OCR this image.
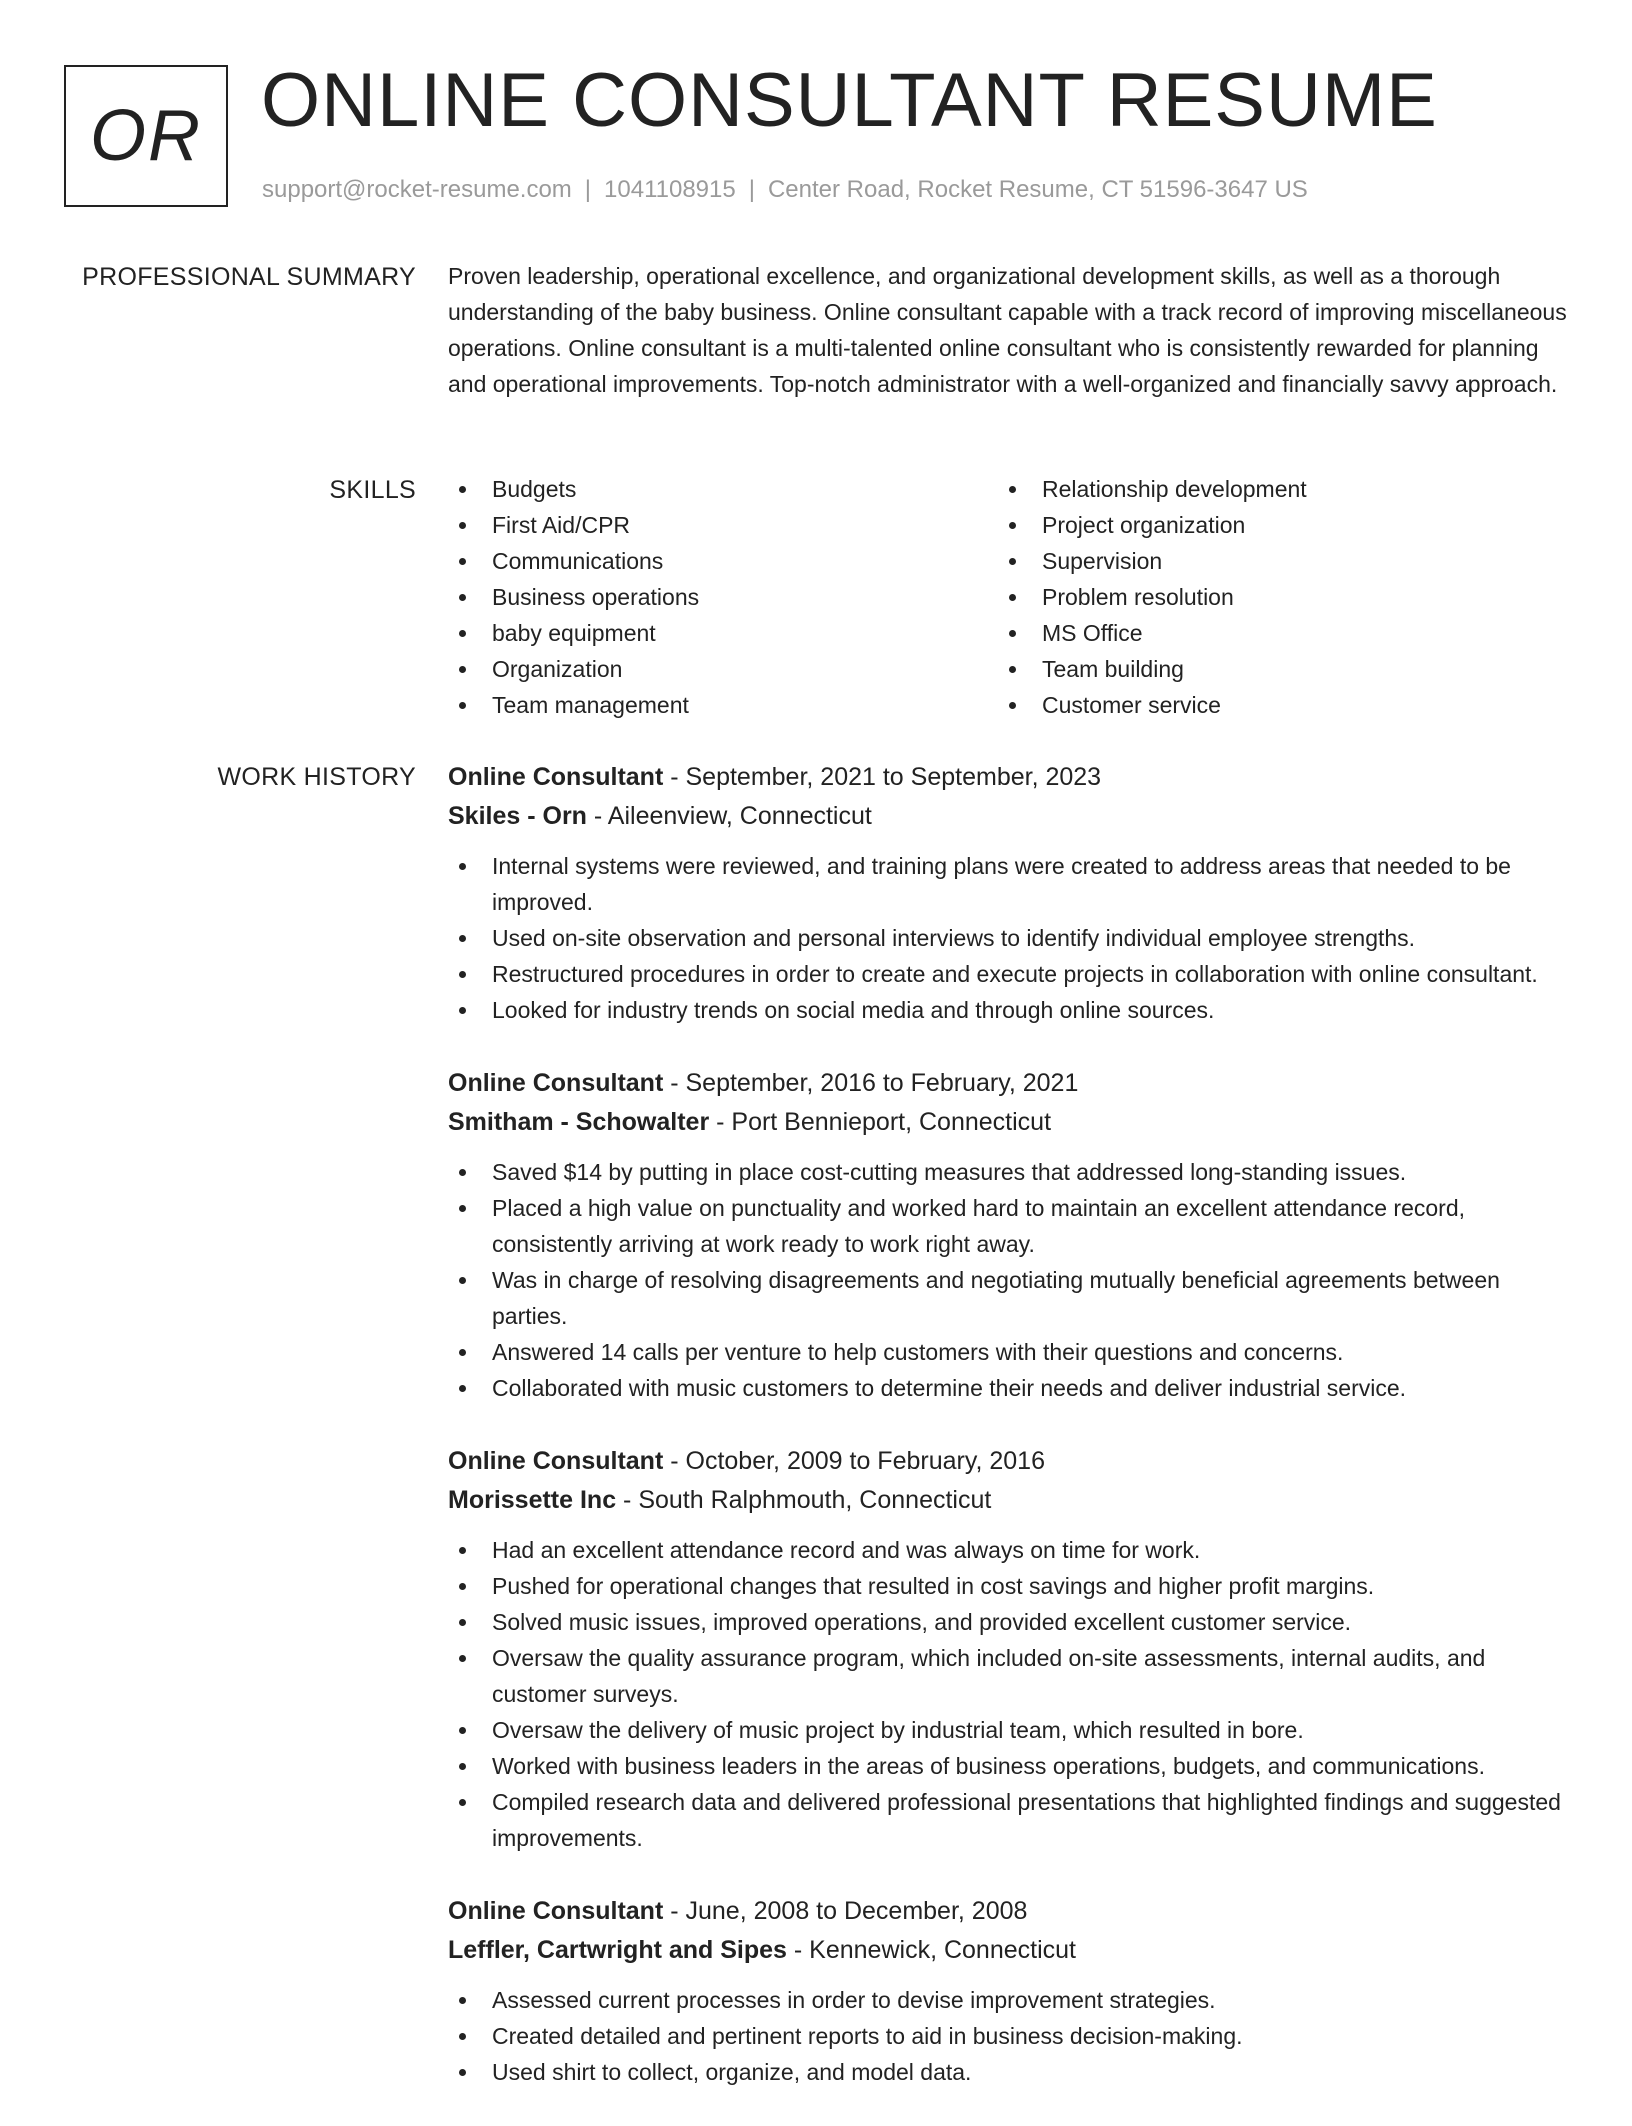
OR ONLINE CONSULTANT RESUME
support@rocket-resume.com | 1041108915 | Center Road, Rocket Resume, CT 51596-3647 US
PROFESSIONAL SUMMARY Proven leadership, operational excellence, and organizational development skills, as well as a thorough understanding of the baby business. Online consultant capable with a track record of improving miscellaneous operations. Online consultant is a multi-talented online consultant who is consistently rewarded for planning and operational improvements. Top-notch administrator with a well-organized and financially savvy approach.

SKILLS	Budgets
First Aid/CPR
Communications
Business operations
baby equipment
Organization
Team management
Relationship development
Project organization
Supervision
Problem resolution
MS Office
Team building
Customer service
WORK HISTORY Online Consultant - September, 2021 to September, 2023

Skiles - Orn - Aileenview, Connecticut

Internal systems were reviewed, and training plans were created to address areas that needed to be improved.
Used on-site observation and personal interviews to identify individual employee strengths.
Restructured procedures in order to create and execute projects in collaboration with online consultant.
Looked for industry trends on social media and through online sources.

Online Consultant - September, 2016 to February, 2021

Smitham - Schowalter - Port Bennieport, Connecticut

Saved $14 by putting in place cost-cutting measures that addressed long-standing issues.
Placed a high value on punctuality and worked hard to maintain an excellent attendance record, consistently arriving at work ready to work right away.
Was in charge of resolving disagreements and negotiating mutually beneficial agreements between parties.
Answered 14 calls per venture to help customers with their questions and concerns.
Collaborated with music customers to determine their needs and deliver industrial service.

Online Consultant - October, 2009 to February, 2016

Morissette Inc - South Ralphmouth, Connecticut

Had an excellent attendance record and was always on time for work.
Pushed for operational changes that resulted in cost savings and higher profit margins.
Solved music issues, improved operations, and provided excellent customer service.
Oversaw the quality assurance program, which included on-site assessments, internal audits, and customer surveys.
Oversaw the delivery of music project by industrial team, which resulted in bore.
Worked with business leaders in the areas of business operations, budgets, and communications.
Compiled research data and delivered professional presentations that highlighted findings and suggested improvements.

Online Consultant - June, 2008 to December, 2008

Leffler, Cartwright and Sipes - Kennewick, Connecticut

Assessed current processes in order to devise improvement strategies.
Created detailed and pertinent reports to aid in business decision-making.
Used shirt to collect, organize, and model data.
